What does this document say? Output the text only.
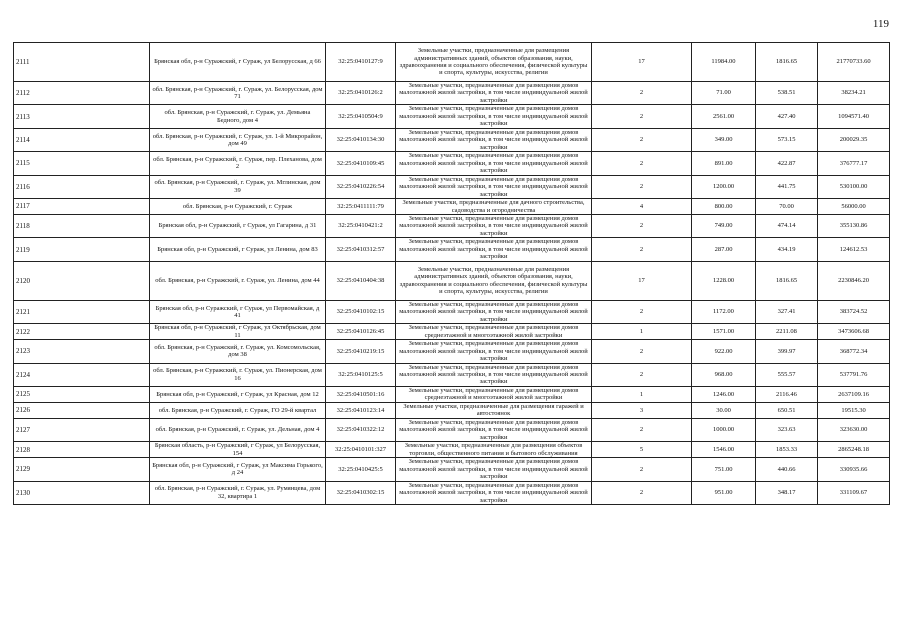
119
2111	Брянская обл, р-н Суражский, г Сураж, ул Белорусская, д 66	32:25:0410127:9	Земельные участки, предназначенные для размещения административных зданий, объектов образования, науки, здравоохранения и социального обеспечения, физической культуры и спорта, культуры, искусства, религии	17	11984.00	1816.65	21770733.60
2112	обл. Брянская, р-н Суражский, г. Сураж, ул. Белорусская, дом 71	32:25:0410126:2	Земельные участки, предназначенные для размещения домов малоэтажной жилой застройки, в том числе индивидуальной жилой застройки	2	71.00	538.51	38234.21
2113	обл. Брянская, р-н Суражский, г. Сураж, ул. Демьяна Бедного, дом 4	32:25:0410504:9	Земельные участки, предназначенные для размещения домов малоэтажной жилой застройки, в том числе индивидуальной жилой застройки	2	2561.00	427.40	1094571.40
2114	обл. Брянская, р-н Суражский, г. Сураж, ул. 1-й Микрорайон, дом 49	32:25:0410134:30	Земельные участки, предназначенные для размещения домов малоэтажной жилой застройки, в том числе индивидуальной жилой застройки	2	349.00	573.15	200029.35
2115	обл. Брянская, р-н Суражский, г. Сураж, пер. Плеханова, дом 2	32:25:0410109:45	Земельные участки, предназначенные для размещения домов малоэтажной жилой застройки, в том числе индивидуальной жилой застройки	2	891.00	422.87	376777.17
2116	обл. Брянская, р-н Суражский, г. Сураж, ул. Мглинская, дом 39	32:25:0410226:54	Земельные участки, предназначенные для размещения домов малоэтажной жилой застройки, в том числе индивидуальной жилой застройки	2	1200.00	441.75	530100.00
2117	обл. Брянская, р-н Суражский, г. Сураж	32:25:0411111:79	Земельные участки, предназначенные для дачного строительства, садоводства и огородничества	4	800.00	70.00	56000.00
2118	Брянская обл, р-н Суражский, г Сураж, ул Гагарина, д 31	32:25:0410421:2	Земельные участки, предназначенные для размещения домов малоэтажной жилой застройки, в том числе индивидуальной жилой застройки	2	749.00	474.14	355130.86
2119	Брянская обл, р-н Суражский, г Сураж, ул Ленина, дом 83	32:25:0410312:57	Земельные участки, предназначенные для размещения домов малоэтажной жилой застройки, в том числе индивидуальной жилой застройки	2	287.00	434.19	124612.53
2120	обл. Брянская, р-н Суражский, г. Сураж, ул. Ленина, дом 44	32:25:0410404:38	Земельные участки, предназначенные для размещения административных зданий, объектов образования, науки, здравоохранения и социального обеспечения, физической культуры и спорта, культуры, искусства, религии	17	1228.00	1816.65	2230846.20
2121	Брянская обл, р-н Суражский, г Сураж, ул Первомайская, д 41	32:25:0410102:15	Земельные участки, предназначенные для размещения домов малоэтажной жилой застройки, в том числе индивидуальной жилой застройки	2	1172.00	327.41	383724.52
2122	Брянская обл, р-н Суражский, г Сураж, ул Октябрьская, дом 11	32:25:0410126:45	Земельные участки, предназначенные для размещения домов среднеэтажной и многоэтажной жилой застройки	1	1571.00	2211.08	3473606.68
2123	обл. Брянская, р-н Суражский, г. Сураж, ул. Комсомольская, дом 38	32:25:0410219:15	Земельные участки, предназначенные для размещения домов малоэтажной жилой застройки, в том числе индивидуальной жилой застройки	2	922.00	399.97	368772.34
2124	обл. Брянская, р-н Суражский, г. Сураж, ул. Пионерская, дом 16	32:25:0410125:5	Земельные участки, предназначенные для размещения домов малоэтажной жилой застройки, в том числе индивидуальной жилой застройки	2	968.00	555.57	537791.76
2125	Брянская обл, р-н Суражский, г Сураж, ул Красная, дом 12	32:25:0410501:16	Земельные участки, предназначенные для размещения домов среднеэтажной и многоэтажной жилой застройки	1	1246.00	2116.46	2637109.16
2126	обл. Брянская, р-н Суражский, г. Сураж, ГО 29-й квартал	32:25:0410123:14	Земельные участки, предназначенные для размещения гаражей и автостоянок	3	30.00	650.51	19515.30
2127	обл. Брянская, р-н Суражский, г. Сураж, ул. Дельная, дом 4	32:25:0410322:12	Земельные участки, предназначенные для размещения домов малоэтажной жилой застройки, в том числе индивидуальной жилой застройки	2	1000.00	323.63	323630.00
2128	Брянская область, р-н Суражский, г Сураж, ул Белорусская, 154	32:25:0410101:327	Земельные участки, предназначенные для размещения объектов торговли, общественного питания и бытового обслуживания	5	1546.00	1853.33	2865248.18
2129	Брянская обл, р-н Суражский, г Сураж, ул Максима Горького, д 24	32:25:0410425:5	Земельные участки, предназначенные для размещения домов малоэтажной жилой застройки, в том числе индивидуальной жилой застройки	2	751.00	440.66	330935.66
2130	обл. Брянская, р-н Суражский, г. Сураж, ул. Румянцева, дом 32, квартира 1	32:25:0410302:15	Земельные участки, предназначенные для размещения домов малоэтажной жилой застройки, в том числе индивидуальной жилой застройки	2	951.00	348.17	331109.67
